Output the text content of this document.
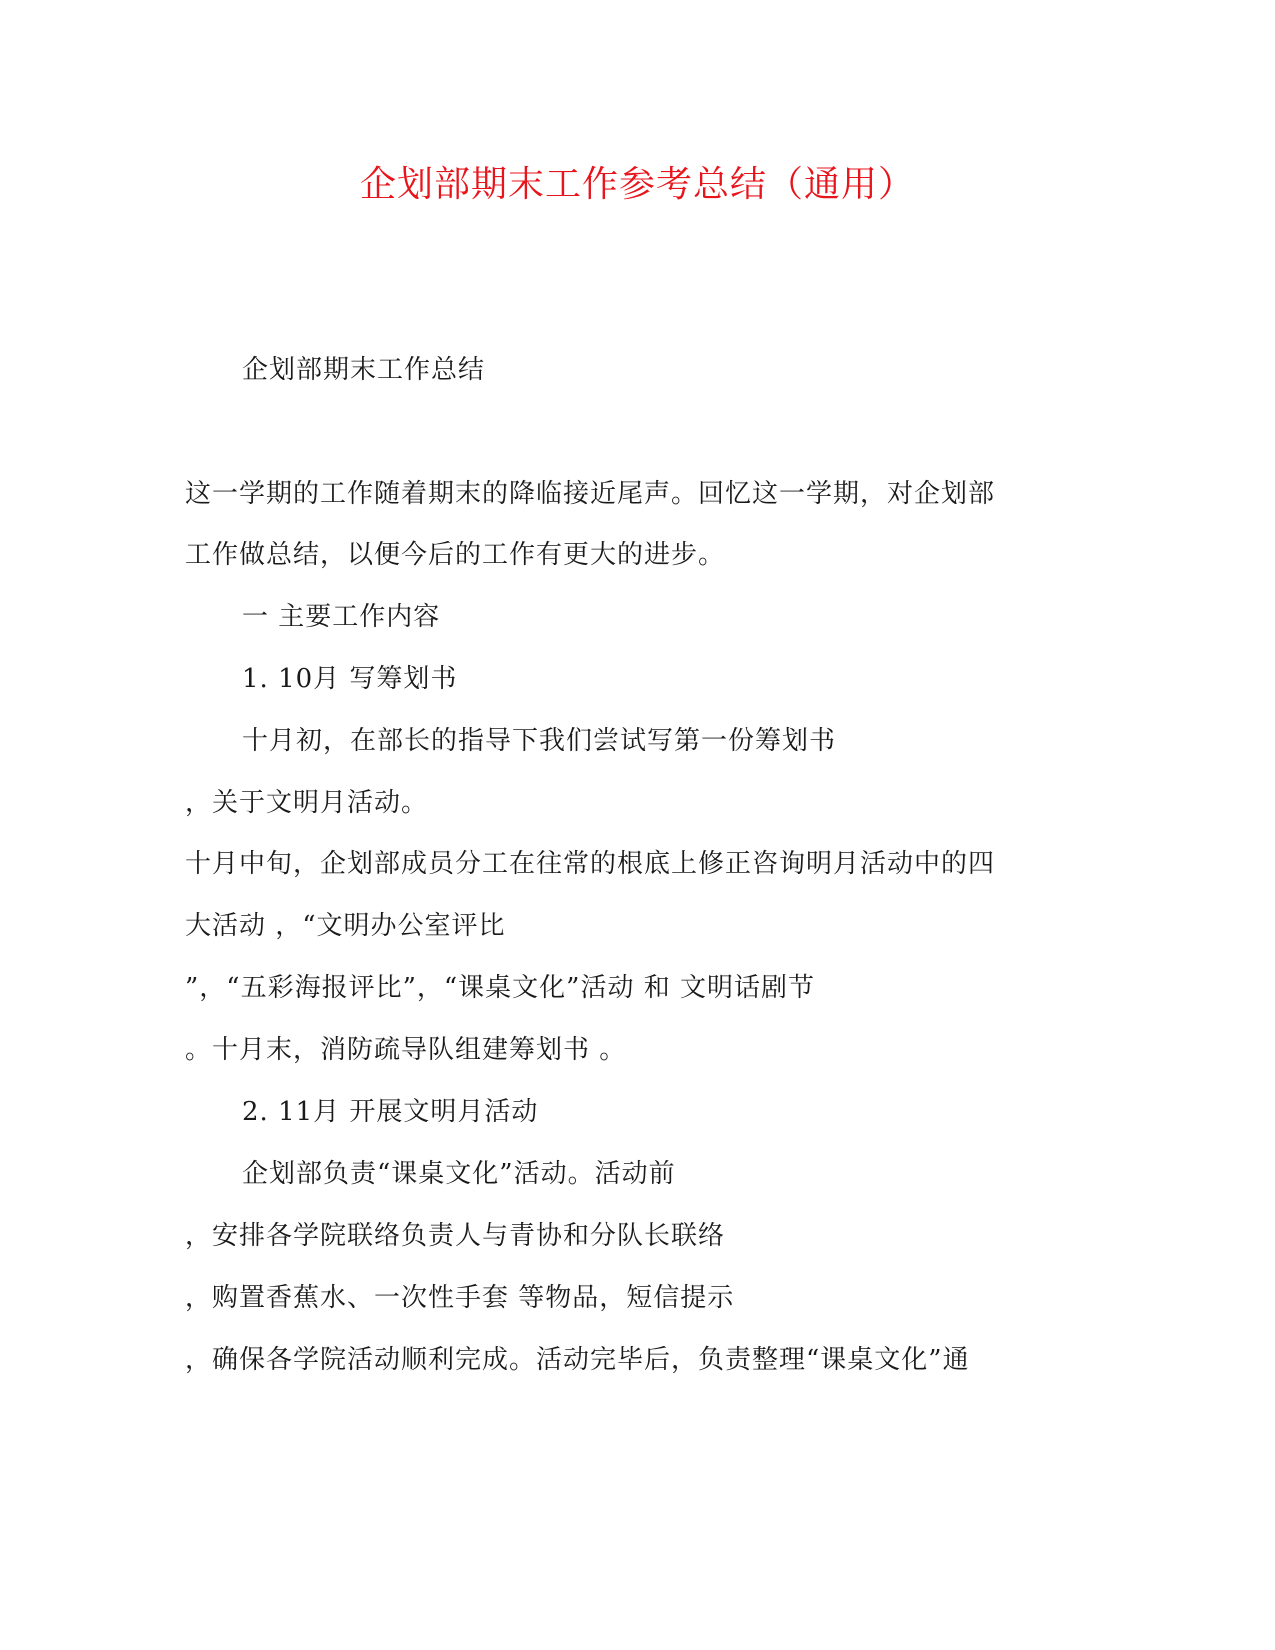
企划部期末工作参考总结（通用）
企划部期末工作总结
这一学期的工作随着期末的降临接近尾声。回忆这一学期，对企划部
工作做总结，以便今后的工作有更大的进步。
一 主要工作内容
1. 10月 写筹划书
十月初，在部长的指导下我们尝试写第一份筹划书
，关于文明月活动。
十月中旬，企划部成员分工在往常的根底上修正咨询明月活动中的四
大活动 ，“文明办公室评比
”，“五彩海报评比”，“课桌文化”活动 和 文明话剧节
。十月末，消防疏导队组建筹划书 。
2. 11月 开展文明月活动
企划部负责“课桌文化”活动。活动前
，安排各学院联络负责人与青协和分队长联络
，购置香蕉水、一次性手套 等物品，短信提示
，确保各学院活动顺利完成。活动完毕后，负责整理“课桌文化”通
